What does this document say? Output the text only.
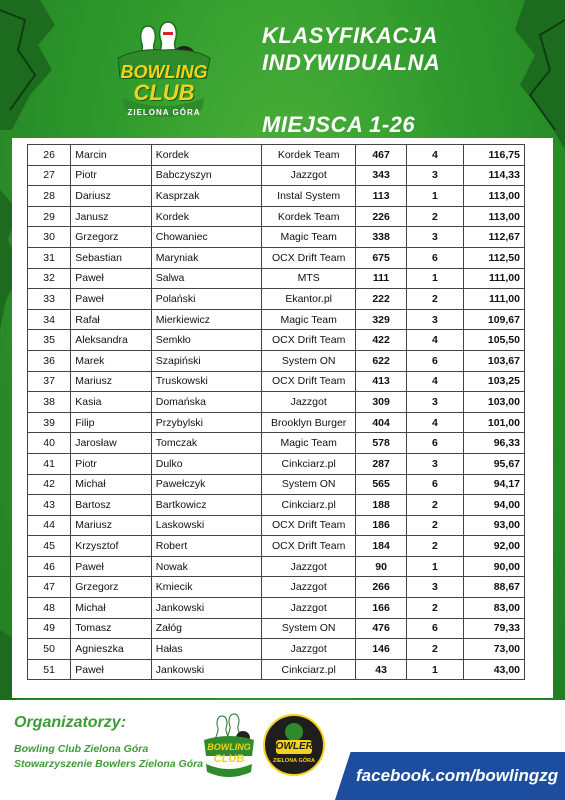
BOWLING
CLUB
ZIELONA GÓRA
KLASYFIKACJA
INDYWIDUALNA
MIEJSCA 1-26
26	Marcin	Kordek	Kordek Team	467	4	116,75
27	Piotr	Babczyszyn	Jazzgot	343	3	114,33
28	Dariusz	Kasprzak	Instal System	113	1	113,00
29	Janusz	Kordek	Kordek Team	226	2	113,00
30	Grzegorz	Chowaniec	Magic Team	338	3	112,67
31	Sebastian	Maryniak	OCX Drift Team	675	6	112,50
32	Paweł	Salwa	MTS	111	1	111,00
33	Paweł	Polański	Ekantor.pl	222	2	111,00
34	Rafał	Mierkiewicz	Magic Team	329	3	109,67
35	Aleksandra	Semkło	OCX Drift Team	422	4	105,50
36	Marek	Szapiński	System ON	622	6	103,67
37	Mariusz	Truskowski	OCX Drift Team	413	4	103,25
38	Kasia	Domańska	Jazzgot	309	3	103,00
39	Filip	Przybylski	Brooklyn Burger	404	4	101,00
40	Jarosław	Tomczak	Magic Team	578	6	96,33
41	Piotr	Dulko	Cinkciarz.pl	287	3	95,67
42	Michał	Pawełczyk	System ON	565	6	94,17
43	Bartosz	Bartkowicz	Cinkciarz.pl	188	2	94,00
44	Mariusz	Laskowski	OCX Drift Team	186	2	93,00
45	Krzysztof	Robert	OCX Drift Team	184	2	92,00
46	Paweł	Nowak	Jazzgot	90	1	90,00
47	Grzegorz	Kmiecik	Jazzgot	266	3	88,67
48	Michał	Jankowski	Jazzgot	166	2	83,00
49	Tomasz	Załóg	System ON	476	6	79,33
50	Agnieszka	Hałas	Jazzgot	146	2	73,00
51	Paweł	Jankowski	Cinkciarz.pl	43	1	43,00
Organizatorzy:
Bowling Club Zielona Góra
Stowarzyszenie Bowlers Zielona Góra
BOWLING
CLUB
BOWLERS
ZIELONA GÓRA
facebook.com/bowlingzg
